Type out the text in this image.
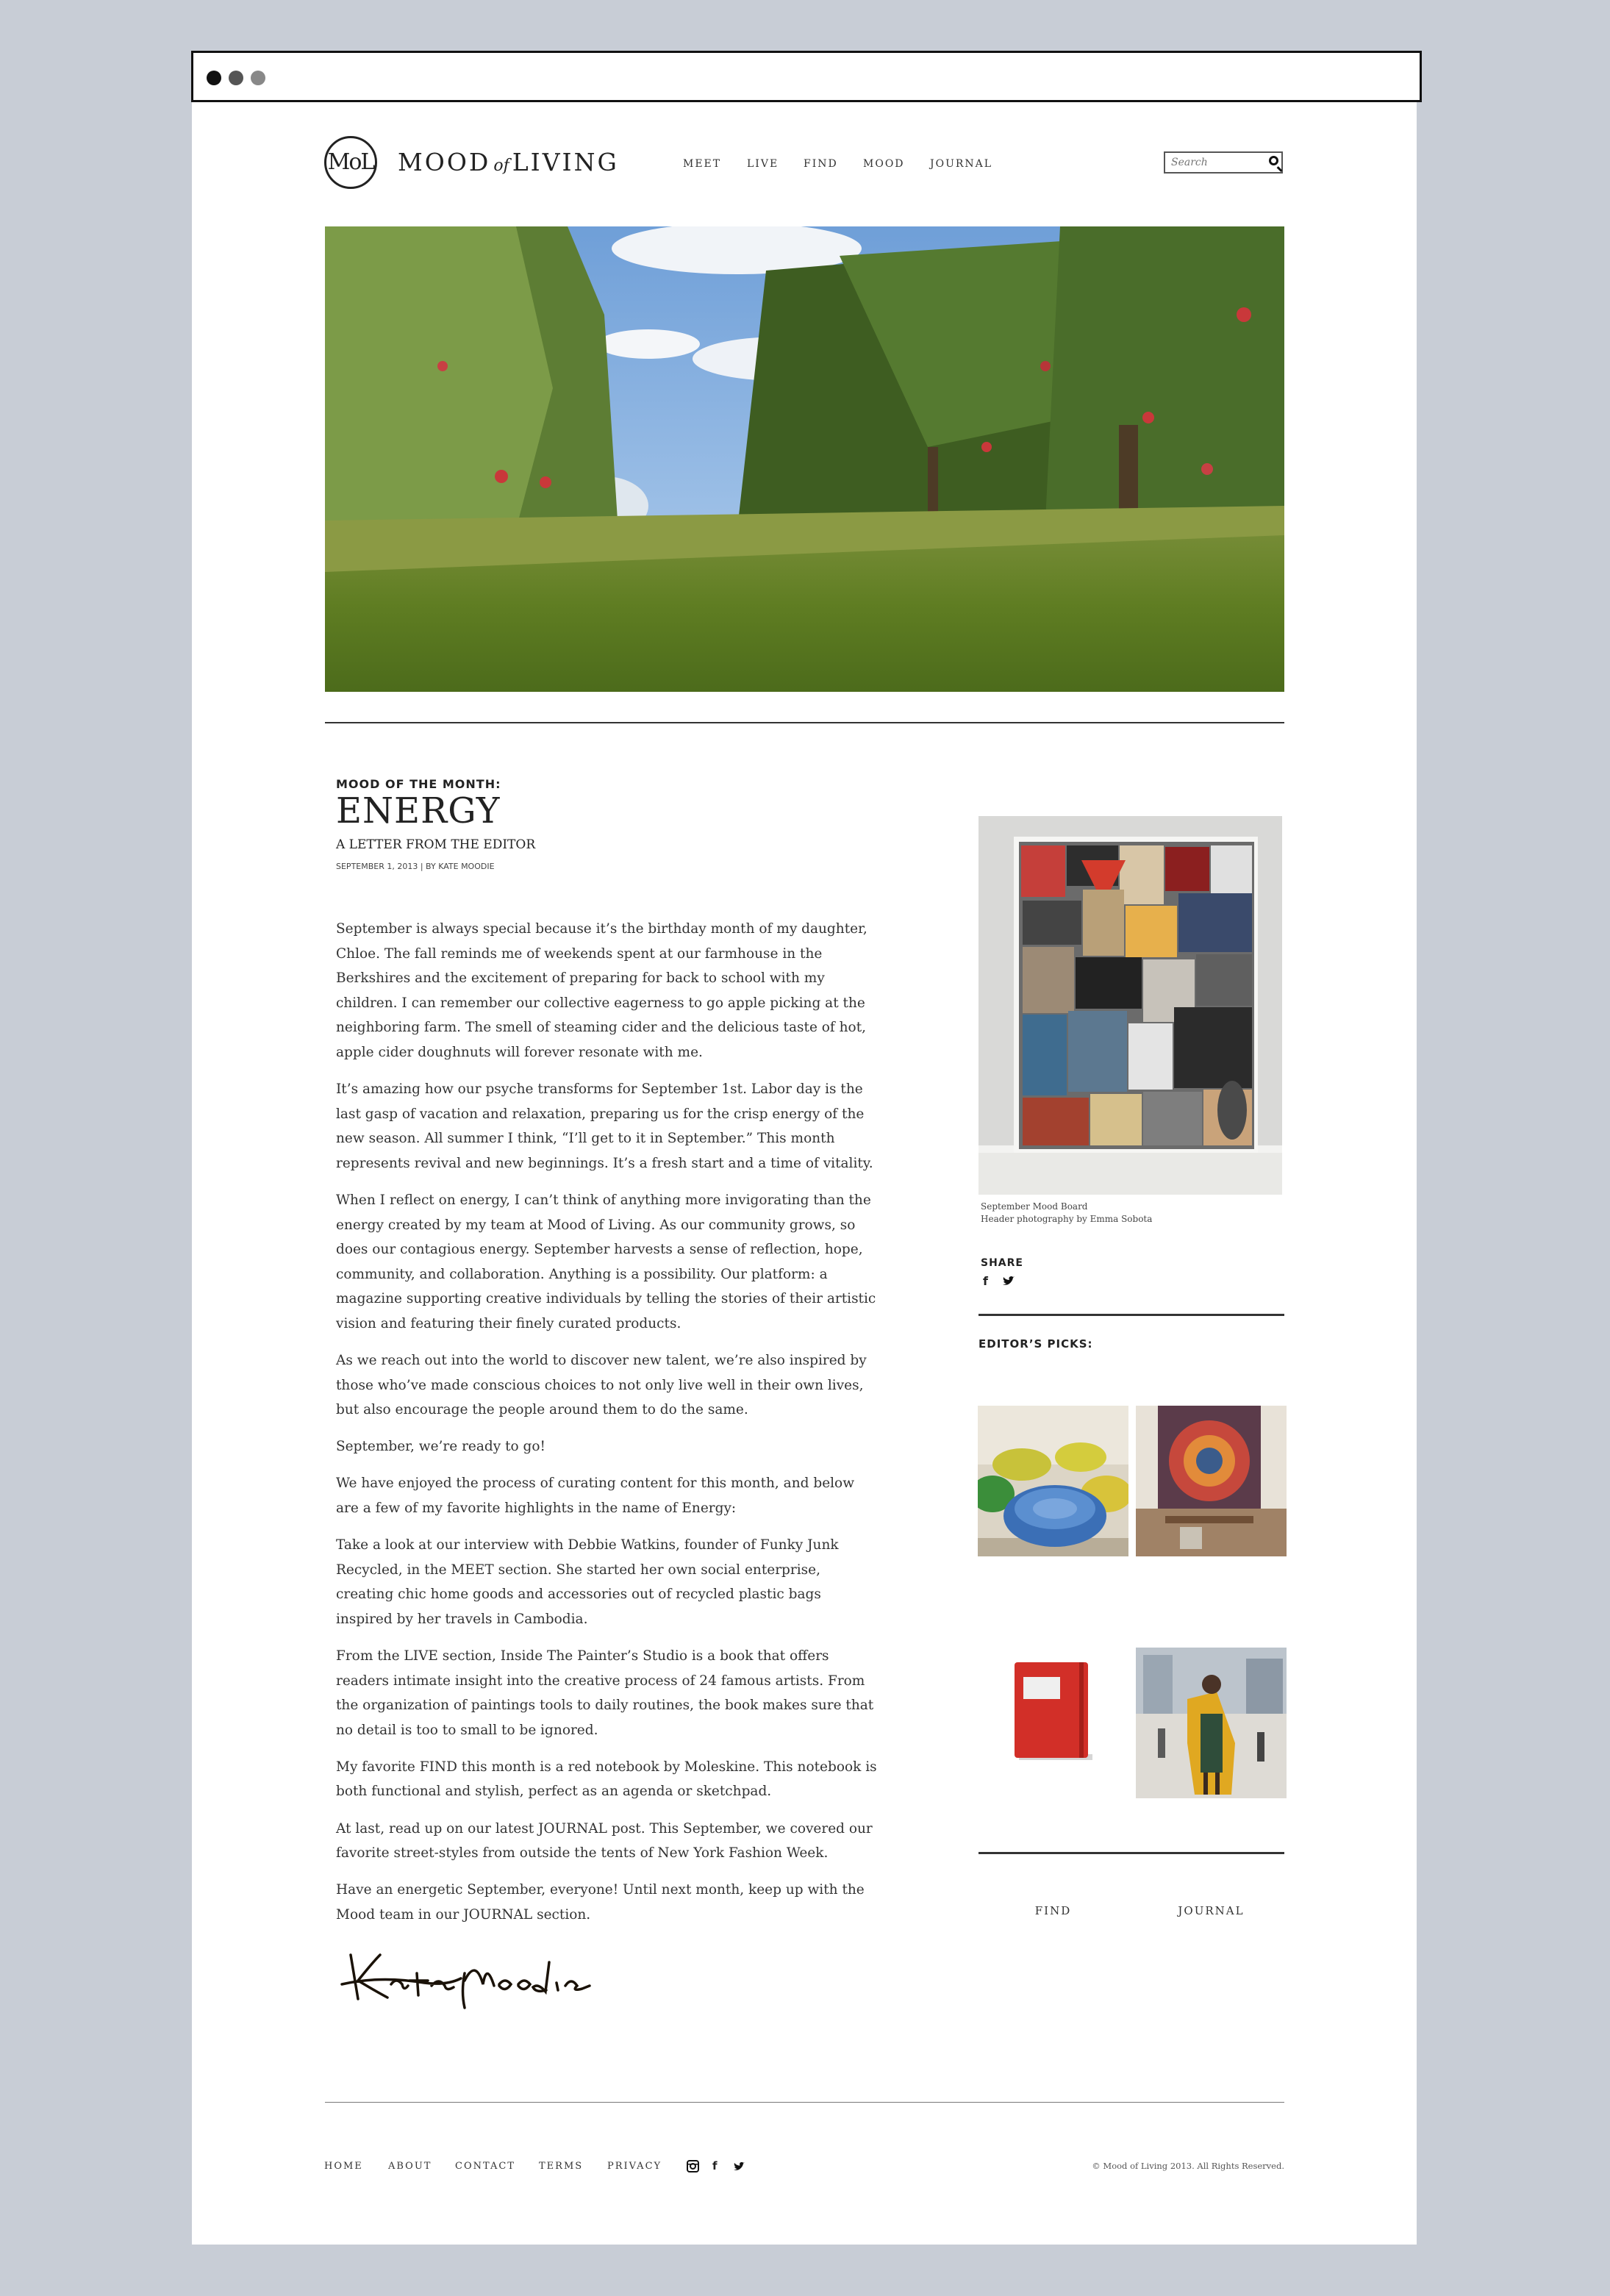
MoL MOOD of LIVING	MEET LIVE FIND MOOD JOURNAL
Search
MOOD OF THE MONTH:
ENERGY
A LETTER FROM THE EDITOR
SEPTEMBER 1, 2013 | BY KATE MOODIE

September is always special because it’s the birthday month of my daughter, Chloe. The fall reminds me of weekends spent at our farmhouse in the Berkshires and the excitement of preparing for back to school with my children. I can remember our collective eagerness to go apple picking at the neighboring farm. The smell of steaming cider and the delicious taste of hot, apple cider doughnuts will forever resonate with me.

It’s amazing how our psyche transforms for September 1st. Labor day is the last gasp of vacation and relaxation, preparing us for the crisp energy of the new season. All summer I think, “I’ll get to it in September.” This month represents revival and new beginnings. It’s a fresh start and a time of vitality.

When I reflect on energy, I can’t think of anything more invigorating than the energy created by my team at Mood of Living. As our community grows, so does our contagious energy. September harvests a sense of reflection, hope, community, and collaboration. Anything is a possibility. Our platform: a magazine supporting creative individuals by telling the stories of their artistic vision and featuring their finely curated products.

As we reach out into the world to discover new talent, we’re also inspired by those who’ve made conscious choices to not only live well in their own lives, but also encourage the people around them to do the same.

September, we’re ready to go!

We have enjoyed the process of curating content for this month, and below are a few of my favorite highlights in the name of Energy:

Take a look at our interview with Debbie Watkins, founder of Funky Junk Recycled, in the MEET section. She started her own social enterprise, creating chic home goods and accessories out of recycled plastic bags inspired by her travels in Cambodia.

From the LIVE section, Inside The Painter’s Studio is a book that offers readers intimate insight into the creative process of 24 famous artists. From the organization of paintings tools to daily routines, the book makes sure that no detail is too to small to be ignored.

My favorite FIND this month is a red notebook by Moleskine. This notebook is both functional and stylish, perfect as an agenda or sketchpad.

At last, read up on our latest JOURNAL post. This September, we covered our favorite street-styles from outside the tents of New York Fashion Week.

Have an energetic September, everyone! Until next month, keep up with the Mood team in our JOURNAL section.

September Mood Board
Header photography by Emma Sobota
SHARE
f
EDITOR’S PICKS:
FIND	JOURNAL
HOME	ABOUT CONTACT TERMS	PRIVACY	f	© Mood of Living 2013. All Rights Reserved.
